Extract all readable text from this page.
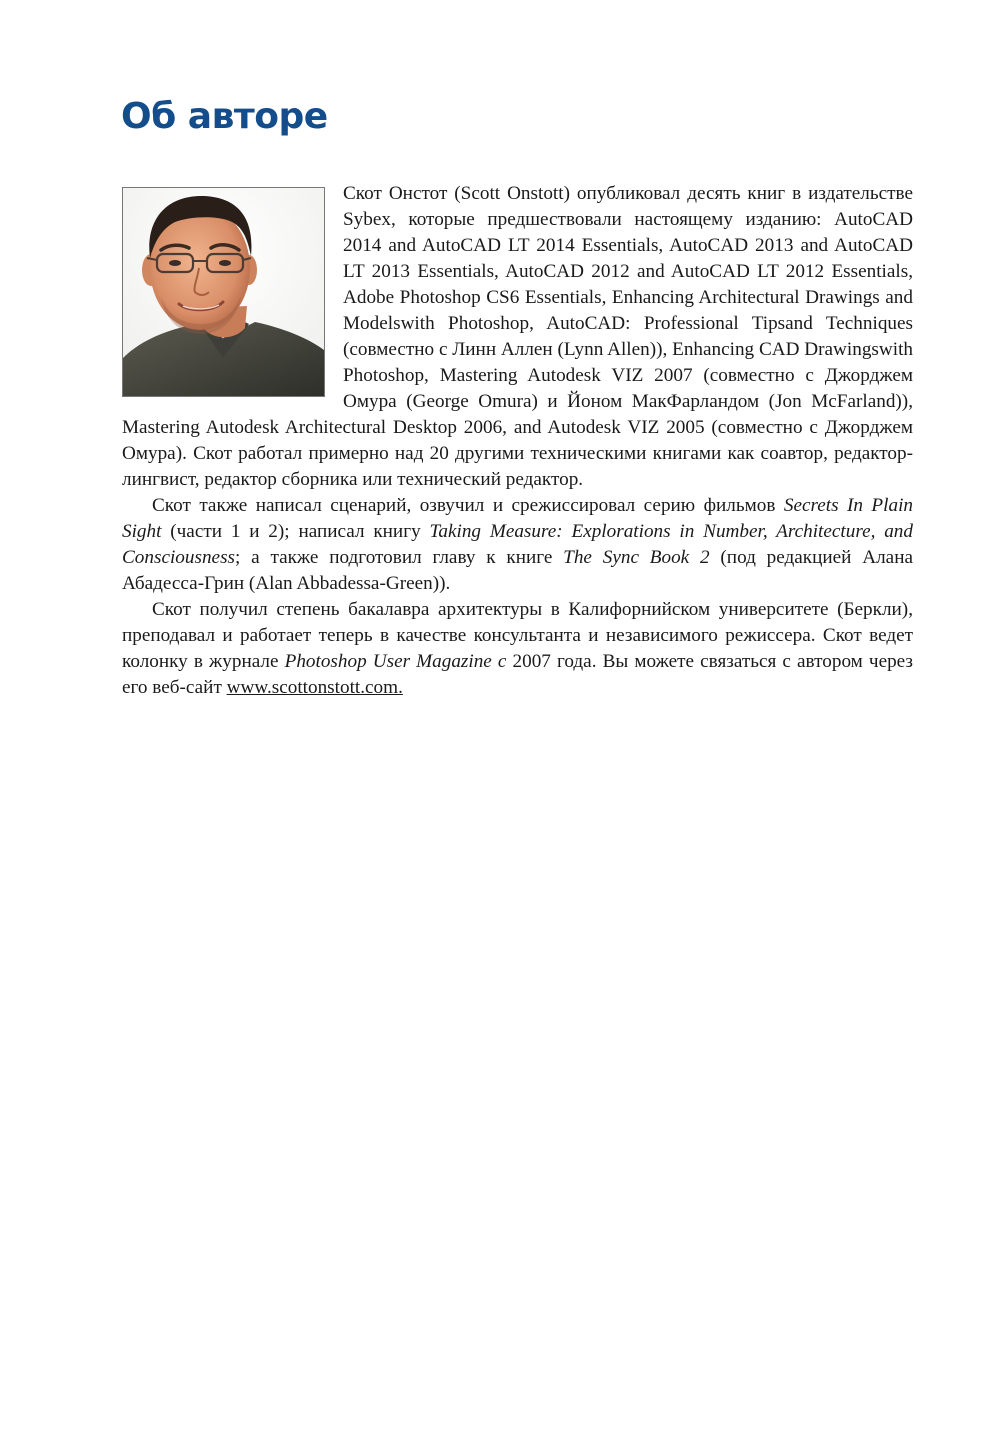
Об авторе

Скот Онстот (Scott Onstott) опубликовал десять книг в издательстве Sybex, которые предшествовали настоящему изданию: AutoCAD 2014 and AutoCAD LT 2014 Essentials, AutoCAD 2013 and AutoCAD LT 2013 Essentials, AutoCAD 2012 and AutoCAD LT 2012 Essentials, Adobe Photoshop CS6 Essentials, Enhancing Architectural Drawings and Modelswith Photoshop, AutoCAD: Professional Tipsand Techniques (совместно с Линн Аллен (Lynn Allen)), Enhancing CAD Drawingswith Photoshop, Mastering Autodesk VIZ 2007 (совместно с Джорджем Омура (George Omura) и Йоном МакФарландом (Jon McFarland)), Mastering Autodesk Architectural Desktop 2006, and Autodesk VIZ 2005 (совместно с Джорджем Омура). Скот работал примерно над 20 другими техническими книгами как соавтор, редактор-лингвист, редактор сборника или технический редактор.

Скот также написал сценарий, озвучил и срежиссировал серию фильмов Secrets In Plain Sight (части 1 и 2); написал книгу Taking Measure: Explorations in Number, Architecture, and Consciousness; а также подготовил главу к книге The Sync Book 2 (под редакцией Алана Абадесса-Грин (Alan Abbadessa-Green)).

Скот получил степень бакалавра архитектуры в Калифорнийском университете (Беркли), преподавал и работает теперь в качестве консультанта и независимого режиссера. Скот ведет колонку в журнале Photoshop User Magazine с 2007 года. Вы можете связаться с автором через его веб-сайт www.scottonstott.com.
